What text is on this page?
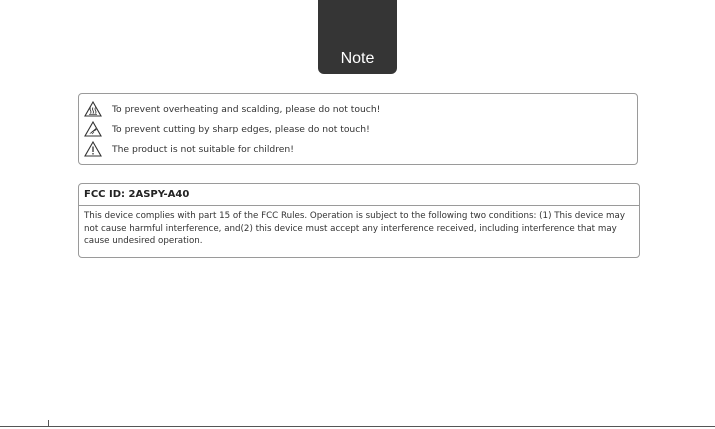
Note
To prevent overheating and scalding, please do not touch!
To prevent cutting by sharp edges, please do not touch!
The product is not suitable for children!
FCC ID: 2ASPY-A40
This device complies with part 15 of the FCC Rules. Operation is subject to the following two conditions: (1) This device may not cause harmful interference, and(2) this device must accept any interference received, including interference that may cause undesired operation.
